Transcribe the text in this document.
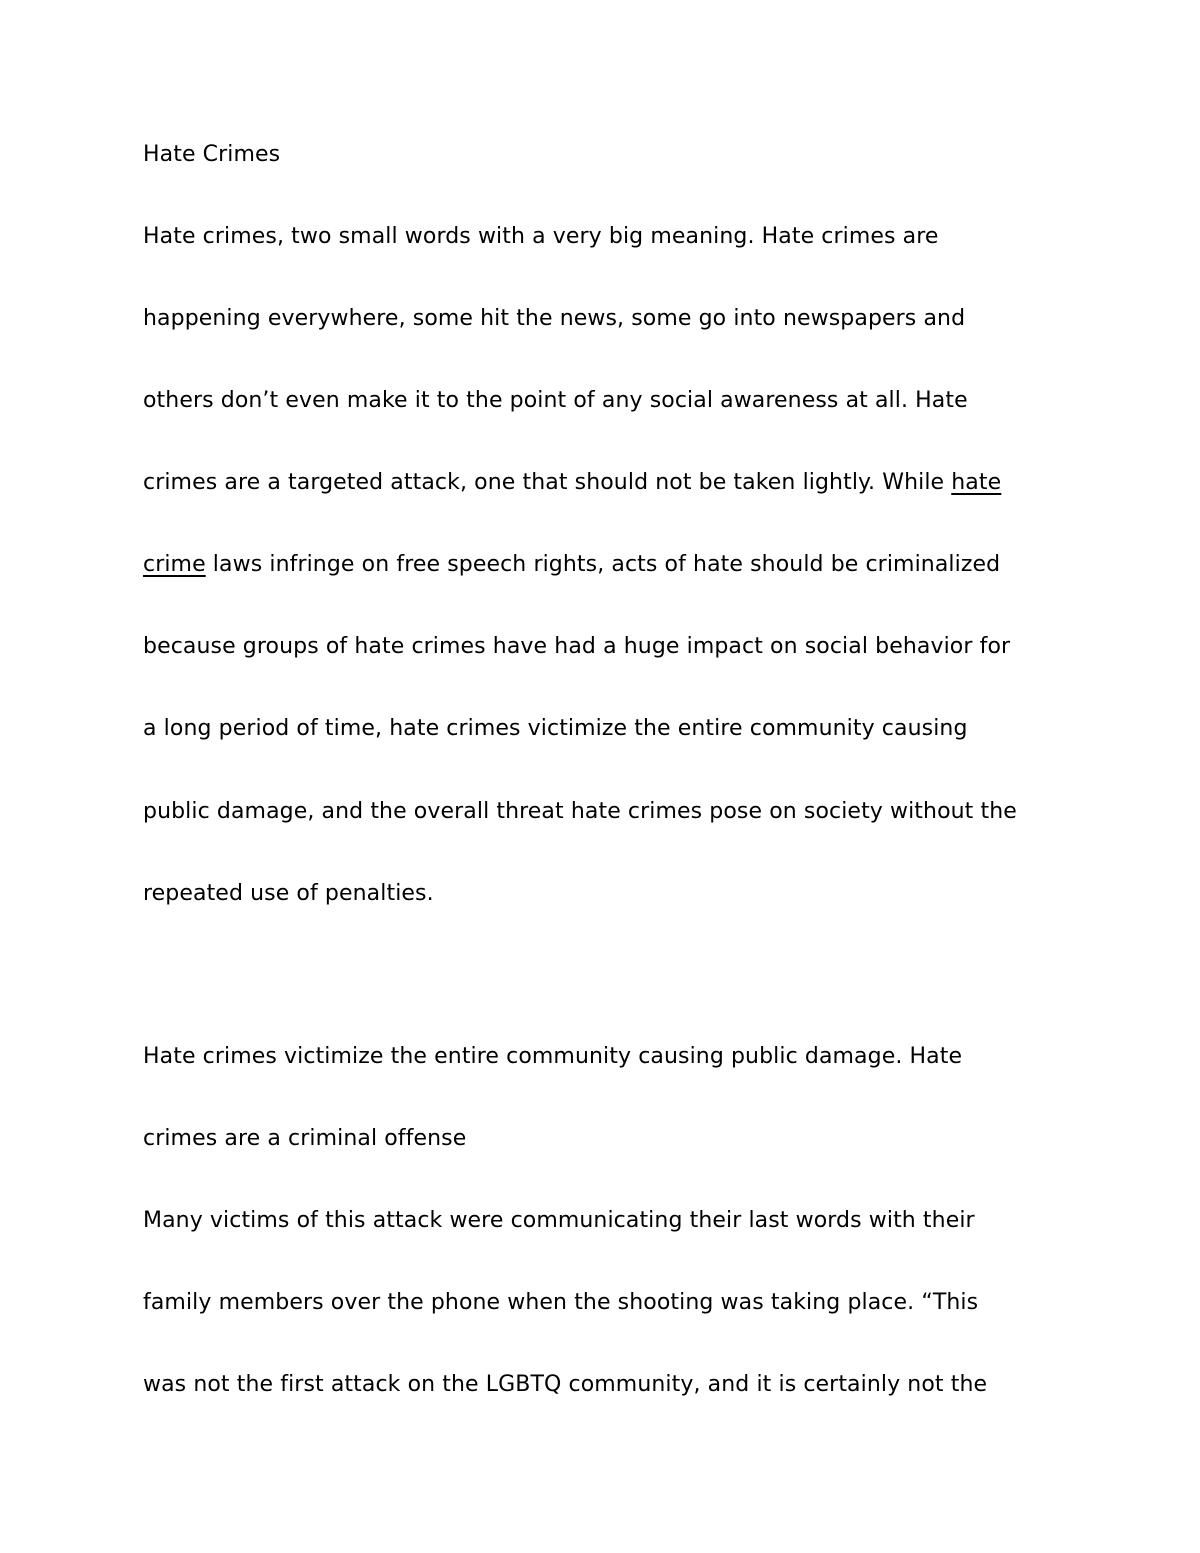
Hate Crimes
Hate crimes, two small words with a very big meaning. Hate crimes are
happening everywhere, some hit the news, some go into newspapers and
others don’t even make it to the point of any social awareness at all. Hate
crimes are a targeted attack, one that should not be taken lightly. While hate
crime laws infringe on free speech rights, acts of hate should be criminalized
because groups of hate crimes have had a huge impact on social behavior for
a long period of time, hate crimes victimize the entire community causing
public damage, and the overall threat hate crimes pose on society without the
repeated use of penalties.
Hate crimes victimize the entire community causing public damage. Hate
crimes are a criminal offense
Many victims of this attack were communicating their last words with their
family members over the phone when the shooting was taking place. “This
was not the first attack on the LGBTQ community, and it is certainly not the
